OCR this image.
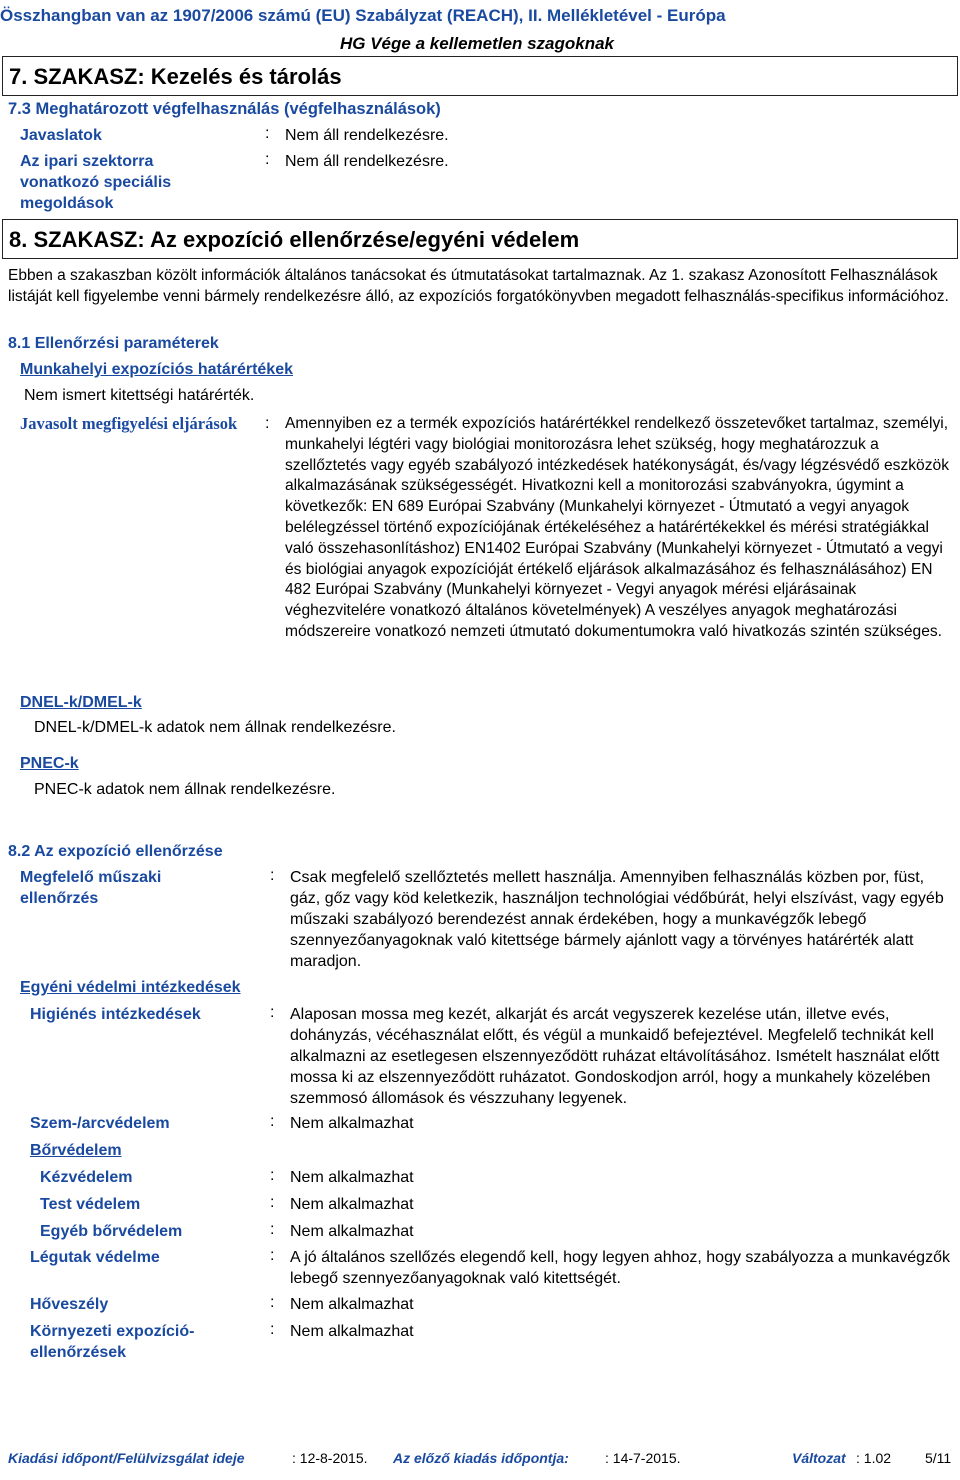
Összhangban van az 1907/2006 számú (EU) Szabályzat (REACH), II. Mellékletével - Európa
HG Vége a kellemetlen szagoknak
7. SZAKASZ: Kezelés és tárolás
7.3 Meghatározott végfelhasználás (végfelhasználások)
Javaslatok	: Nem áll rendelkezésre.
Az ipari szektorra vonatkozó speciális megoldások
: Nem áll rendelkezésre.
8. SZAKASZ: Az expozíció ellenőrzése/egyéni védelem
Ebben a szakaszban közölt információk általános tanácsokat és útmutatásokat tartalmaznak. Az 1. szakasz Azonosított Felhasználások listáját kell figyelembe venni bármely rendelkezésre álló, az expozíciós forgatókönyvben megadott felhasználás-specifikus információhoz.
8.1 Ellenőrzési paraméterek
Munkahelyi expozíciós határértékek
Nem ismert kitettségi határérték.
Javasolt megfigyelési eljárások : Amennyiben ez a termék expozíciós határértékkel rendelkező összetevőket tartalmaz, személyi, munkahelyi légtéri vagy biológiai monitorozásra lehet szükség, hogy meghatározzuk a szellőztetés vagy egyéb szabályozó intézkedések hatékonyságát, és/vagy légzésvédő eszközök alkalmazásának szükségességét. Hivatkozni kell a monitorozási szabványokra, úgymint a következők: EN 689 Európai Szabvány (Munkahelyi környezet - Útmutató a vegyi anyagok belélegzéssel történő expozíciójának értékeléséhez a határértékekkel és mérési stratégiákkal való összehasonlításhoz) EN1402 Európai Szabvány (Munkahelyi környezet - Útmutató a vegyi és biológiai anyagok expozícióját értékelő eljárások alkalmazásához és felhasználásához) EN 482 Európai Szabvány (Munkahelyi környezet - Vegyi anyagok mérési eljárásainak véghezvitelére vonatkozó általános követelmények) A veszélyes anyagok meghatározási módszereire vonatkozó nemzeti útmutató dokumentumokra való hivatkozás szintén szükséges.
DNEL-k/DMEL-k
DNEL-k/DMEL-k adatok nem állnak rendelkezésre.
PNEC-k
PNEC-k adatok nem állnak rendelkezésre.
8.2 Az expozíció ellenőrzése
Megfelelő műszaki ellenőrzés
: Csak megfelelő szellőztetés mellett használja. Amennyiben felhasználás közben por, füst, gáz, gőz vagy köd keletkezik, használjon technológiai védőbúrát, helyi elszívást, vagy egyéb műszaki szabályozó berendezést annak érdekében, hogy a munkavégzők lebegő szennyezőanyagoknak való kitettsége bármely ajánlott vagy a törvényes határérték alatt maradjon.
Egyéni védelmi intézkedések
Higiénés intézkedések	: Alaposan mossa meg kezét, alkarját és arcát vegyszerek kezelése után, illetve evés, dohányzás, vécéhasználat előtt, és végül a munkaidő befejeztével. Megfelelő technikát kell alkalmazni az esetlegesen elszennyeződött ruházat eltávolításához. Ismételt használat előtt mossa ki az elszennyeződött ruházatot. Gondoskodjon arról, hogy a munkahely közelében szemmosó állomások és vészzuhany legyenek.
Szem-/arcvédelem	: Nem alkalmazhat
Bőrvédelem
Kézvédelem	: Nem alkalmazhat
Test védelem	: Nem alkalmazhat
Egyéb bőrvédelem	: Nem alkalmazhat
Légutak védelme	: A jó általános szellőzés elegendő kell, hogy legyen ahhoz, hogy szabályozza a munkavégzők lebegő szennyezőanyagoknak való kitettségét.
Hőveszély	: Nem alkalmazhat
Környezeti expozíció-ellenőrzések
: Nem alkalmazhat
Kiadási időpont/Felülvizsgálat ideje	: 12-8-2015. Az előző kiadás időpontja:	: 14-7-2015.	Változat : 1.02 5/11
